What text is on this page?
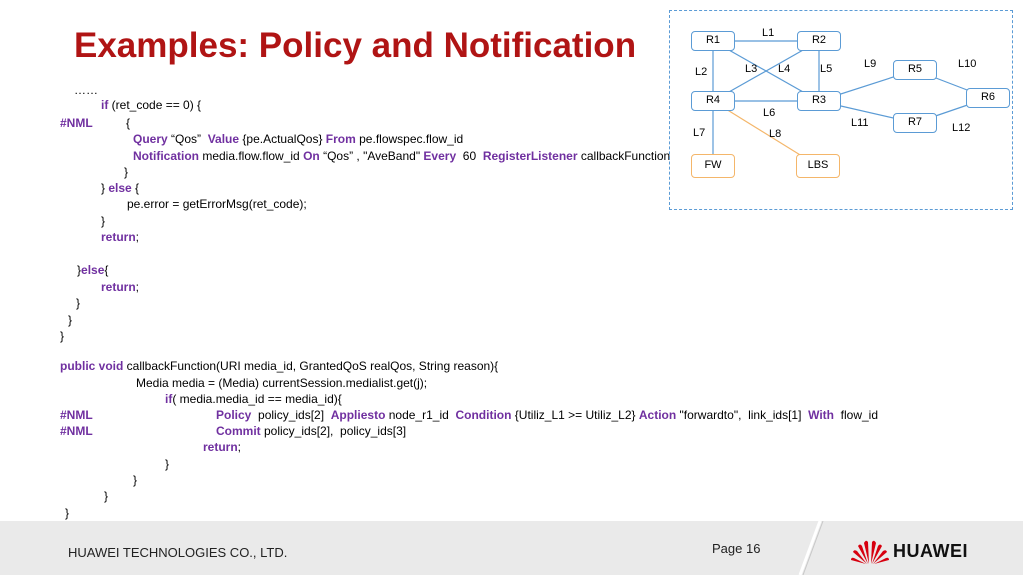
Examples: Policy and Notification
……
if (ret_code == 0) {
#NML	{
Query “Qos”  Value {pe.ActualQos} From pe.flowspec.flow_id
Notification media.flow.flow_id On “Qos” , "AveBand" Every  60  RegisterListener callbackFunction
}
} else {
pe.error = getErrorMsg(ret_code);
}
return;
}else{
return;
}
}
}
public void callbackFunction(URI media_id, GrantedQoS realQos, String reason){
Media media = (Media) currentSession.medialist.get(j);
if( media.media_id == media_id){
#NML	Policy  policy_ids[2]  Appliesto node_r1_id  Condition {Utiliz_L1 >= Utiliz_L2} Action "forwardto",  link_ids[1]  With  flow_id
#NML	Commit policy_ids[2],  policy_ids[3]
return;
}
}
}
}
R1	R2
R4	R3
R5
R6
R7
FW	LBS
L1
L2	L3 L4	L5
L6
L7	L8
L9	L10
L11	L12
HUAWEI TECHNOLOGIES CO., LTD.	Page 16	HUAWEI
